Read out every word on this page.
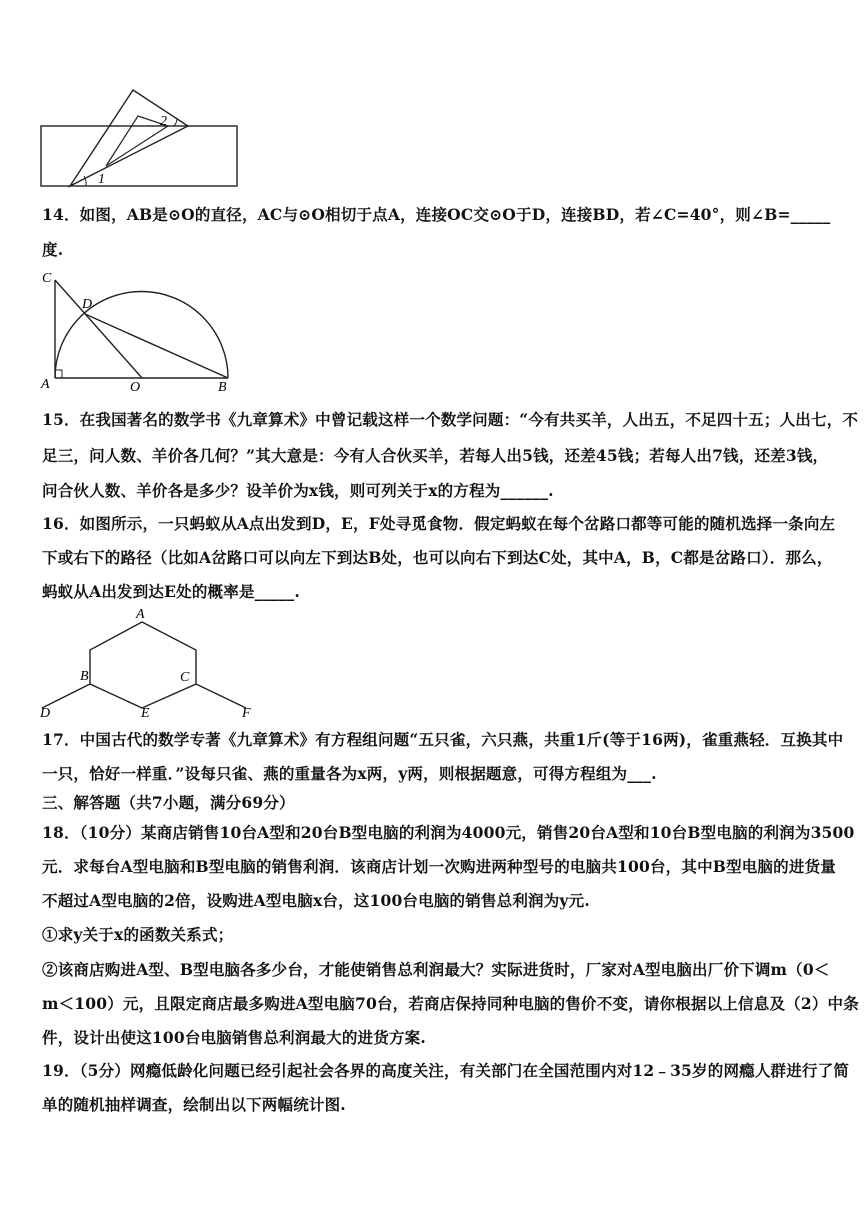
1
2
14．如图，AB是⊙O的直径，AC与⊙O相切于点A，连接OC交⊙O于D，连接BD，若∠C=40°，则∠B=_____
度.
C
D
A	O	B
15．在我国著名的数学书《九章算术》中曾记载这样一个数学问题：“今有共买羊，人出五，不足四十五；人出七，不
足三，问人数、羊价各几何？”其大意是：今有人合伙买羊，若每人出5钱，还差45钱；若每人出7钱，还差3钱，
问合伙人数、羊价各是多少？设羊价为x钱，则可列关于x的方程为______.
16．如图所示，一只蚂蚁从A点出发到D，E，F处寻觅食物．假定蚂蚁在每个岔路口都等可能的随机选择一条向左
下或右下的路径（比如A岔路口可以向左下到达B处，也可以向右下到达C处，其中A，B，C都是岔路口）．那么，
蚂蚁从A出发到达E处的概率是_____.
A
B	C
D	E	F
17．中国古代的数学专著《九章算术》有方程组问题“五只雀，六只燕，共重1斤(等于16两)，雀重燕轻．互换其中
一只，恰好一样重．”设每只雀、燕的重量各为x两，y两，则根据题意，可得方程组为___.
三、解答题（共7小题，满分69分）
18．（10分）某商店销售10台A型和20台B型电脑的利润为4000元，销售20台A型和10台B型电脑的利润为3500
元．求每台A型电脑和B型电脑的销售利润．该商店计划一次购进两种型号的电脑共100台，其中B型电脑的进货量
不超过A型电脑的2倍，设购进A型电脑x台，这100台电脑的销售总利润为y元.
①求y关于x的函数关系式；
②该商店购进A型、B型电脑各多少台，才能使销售总利润最大？实际进货时，厂家对A型电脑出厂价下调m（0＜
m＜100）元，且限定商店最多购进A型电脑70台，若商店保持同种电脑的售价不变，请你根据以上信息及（2）中条
件，设计出使这100台电脑销售总利润最大的进货方案.
19．（5分）网瘾低龄化问题已经引起社会各界的高度关注，有关部门在全国范围内对12﹣35岁的网瘾人群进行了简
单的随机抽样调查，绘制出以下两幅统计图.
